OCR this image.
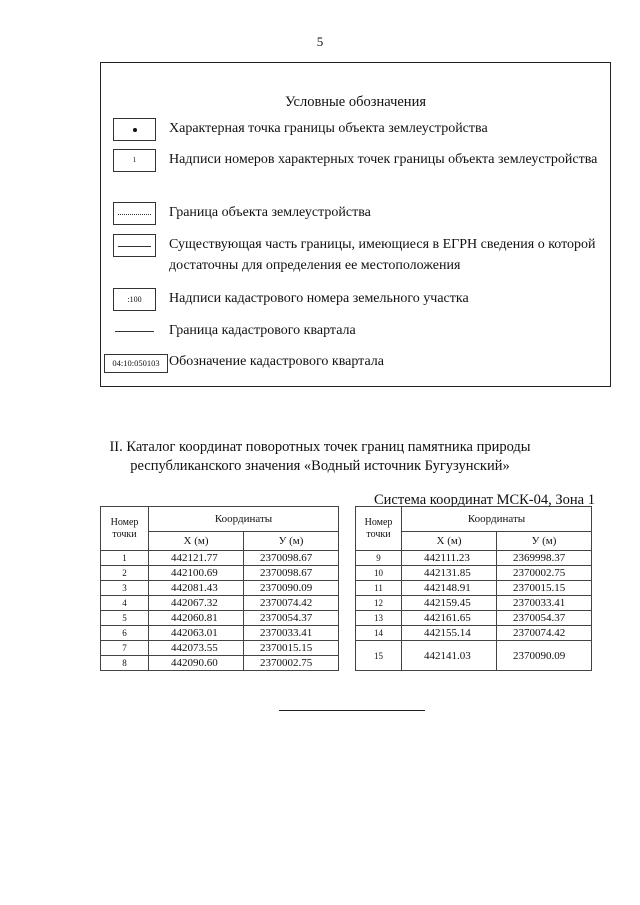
5
Условные обозначения
Характерная точка границы объекта землеустройства
1	Надписи номеров характерных точек границы объекта землеустройства
Граница объекта землеустройства
Существующая часть границы, имеющиеся в ЕГРН сведения о которой достаточны для определения ее местоположения
:100	Надписи кадастрового номера земельного участка
Граница кадастрового квартала
04:10:050103 Обозначение кадастрового квартала
II. Каталог координат поворотных точек границ памятника природы
республиканского значения «Водный источник Бугузунский»
Система координат МСК-04, Зона 1
Номер
точки	Координаты	
	X (м)	У (м)
1	442121.77	2370098.67
2	442100.69	2370098.67
3	442081.43	2370090.09
4	442067.32	2370074.42
5	442060.81	2370054.37
6	442063.01	2370033.41
7	442073.55	2370015.15
8	442090.60	2370002.75
Номер
точки	Координаты	
	X (м)	У (м)
9	442111.23	2369998.37
10	442131.85	2370002.75
11	442148.91	2370015.15
12	442159.45	2370033.41
13	442161.65	2370054.37
14	442155.14	2370074.42
15	442141.03	2370090.09
